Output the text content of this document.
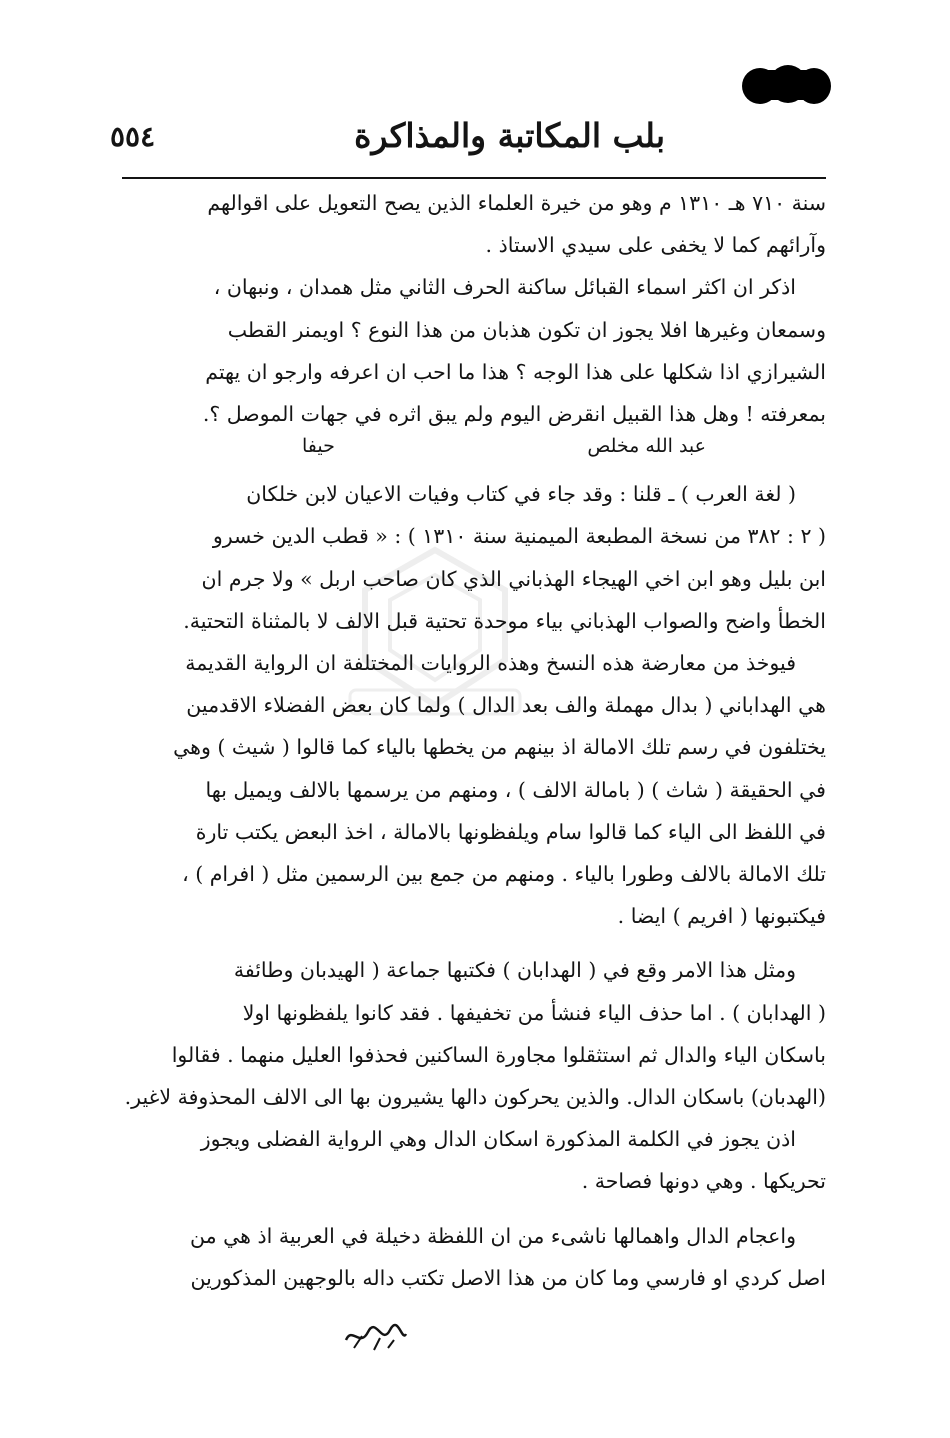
بلب المكاتبة والمذاكرة
٥٥٤

سنة ٧١٠ هـ ١٣١٠ م وهو من خيرة العلماء الذين يصح التعويل على اقوالهم
وآرائهم كما لا يخفى على سيدي الاستاذ .

اذكر ان اكثر اسماء القبائل ساكنة الحرف الثاني مثل همدان ، ونبهان ،
وسمعان وغيرها افلا يجوز ان تكون هذبان من هذا النوع ؟ اويمنر القطب
الشيرازي اذا شكلها على هذا الوجه ؟ هذا ما احب ان اعرفه وارجو ان يهتم
بمعرفته ! وهل هذا القبيل انقرض اليوم ولم يبق اثره في جهات الموصل ؟.

عبد الله مخلص
حيفا

( لغة العرب ) ـ قلنا : وقد جاء في كتاب وفيات الاعيان لابن خلكان
( ٢ : ٣٨٢ من نسخة المطبعة الميمنية سنة ١٣١٠ ) : « قطب الدين خسرو
ابن بليل وهو ابن اخي الهيجاء الهذباني الذي كان صاحب اربل » ولا جرم ان
الخطأ واضح والصواب الهذباني بياء موحدة تحتية قبل الالف لا بالمثناة التحتية.

فيوخذ من معارضة هذه النسخ وهذه الروايات المختلفة ان الرواية القديمة
هي الهداباني ( بدال مهملة والف بعد الدال ) ولما كان بعض الفضلاء الاقدمين
يختلفون في رسم تلك الامالة اذ بينهم من يخطها بالياء كما قالوا ( شيث ) وهي
في الحقيقة ( شاث ) ( بامالة الالف ) ، ومنهم من يرسمها بالالف ويميل بها
في اللفظ الى الياء كما قالوا سام ويلفظونها بالامالة ، اخذ البعض يكتب تارة
تلك الامالة بالالف وطورا بالياء . ومنهم من جمع بين الرسمين مثل ( افرام ) ،
فيكتبونها ( افريم ) ايضا .

ومثل هذا الامر وقع في ( الهدابان ) فكتبها جماعة ( الهيدبان وطائفة
( الهدابان ) . اما حذف الياء فنشأ من تخفيفها . فقد كانوا يلفظونها اولا
باسكان الياء والدال ثم استثقلوا مجاورة الساكنين فحذفوا العليل منهما . فقالوا
(الهدبان) باسكان الدال. والذين يحركون دالها يشيرون بها الى الالف المحذوفة لاغير.

اذن يجوز في الكلمة المذكورة اسكان الدال وهي الرواية الفضلى ويجوز
تحريكها . وهي دونها فصاحة .

واعجام الدال واهمالها ناشىء من ان اللفظة دخيلة في العربية اذ هي من
اصل كردي او فارسي وما كان من هذا الاصل تكتب داله بالوجهين المذكورين
